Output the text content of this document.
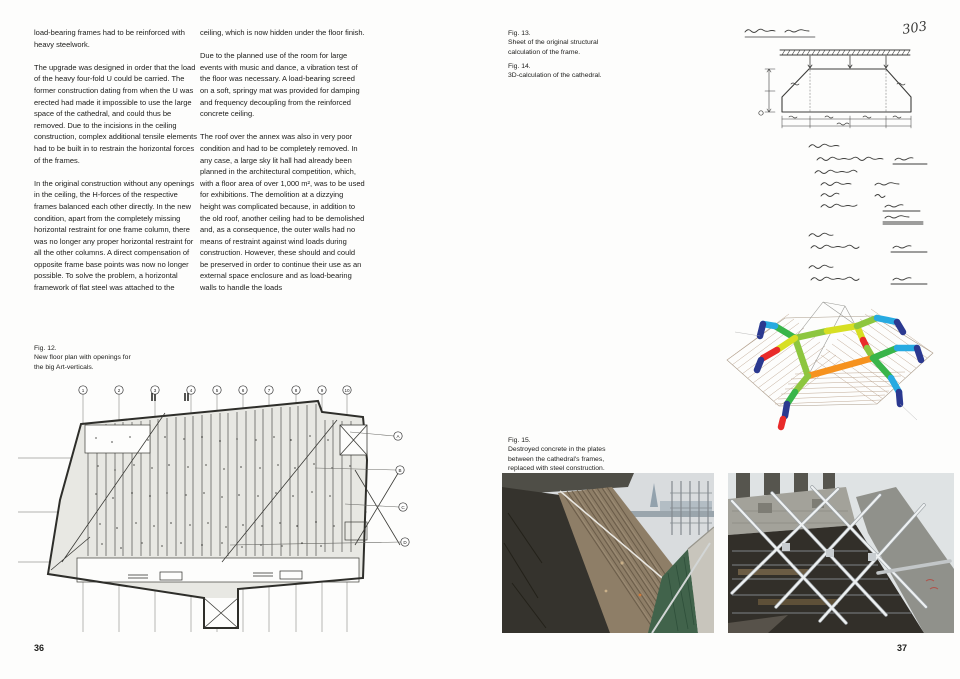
load-bearing frames had to be reinforced with heavy steelwork.

The upgrade was designed in order that the load of the heavy four-fold U could be carried. The former construction dating from when the U was erected had made it impossible to use the large space of the cathedral, and could thus be removed. Due to the incisions in the ceiling construction, complex additional tensile elements had to be built in to restrain the horizontal forces of the frames.

In the original construction without any openings in the ceiling, the H-forces of the respective frames balanced each other directly. In the new condition, apart from the completely missing horizontal restraint for one frame column, there was no longer any proper horizontal restraint for all the other columns. A direct compensation of opposite frame base points was now no longer possible. To solve the problem, a horizontal framework of flat steel was attached to the

ceiling, which is now hidden under the floor finish.

Due to the planned use of the room for large events with music and dance, a vibration test of the floor was necessary. A load-bearing screed on a soft, springy mat was provided for damping and frequency decoupling from the reinforced concrete ceiling.

The roof over the annex was also in very poor condition and had to be completely removed. In any case, a large sky lit hall had already been planned in the architectural competition, which, with a floor area of over 1,000 m², was to be used for exhibitions. The demolition at a dizzying height was complicated because, in addition to the old roof, another ceiling had to be demolished and, as a consequence, the outer walls had no means of restraint against wind loads during construction. However, these should and could be preserved in order to continue their use as an external space enclosure and as load-bearing walls to handle the loads

Fig. 12.
New floor plan with openings for
the big Art-verticals.
1	2	3	4	5	6	7	8	9	10
A
B
C
D
36
Fig. 13.
Sheet of the original structural
calculation of the frame.
Fig. 14.
3D-calculation of the cathedral.
303
Fig. 15.
Destroyed concrete in the plates
between the cathedral's frames,
replaced with steel construction.
37
